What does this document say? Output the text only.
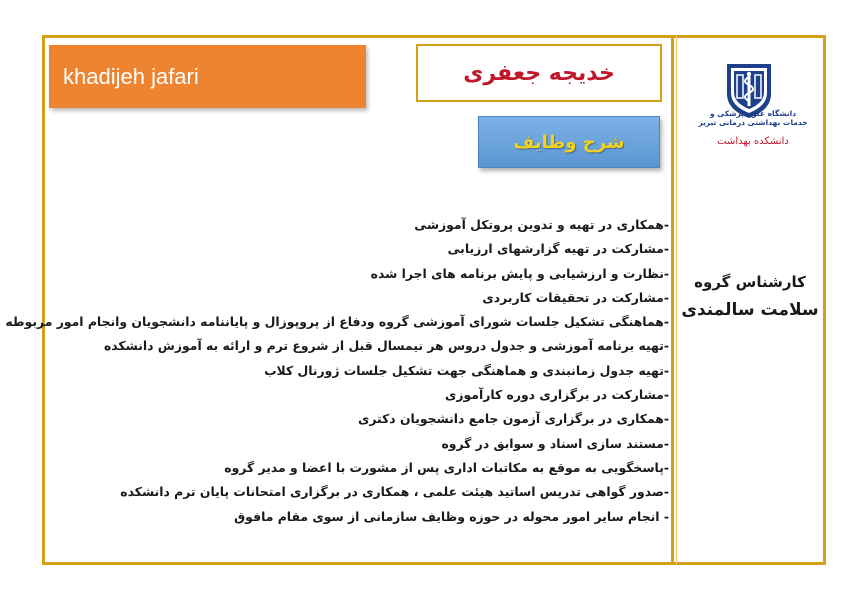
khadijeh jafari	خدیجه جعفری
شرح وظایف
-همکاری در تهیه و تدوین پروتکل آموزشی
-مشارکت در تهیه گزارشهای ارزیابی
-نظارت و ارزشیابی و پایش برنامه های اجرا شده
-مشارکت در تحقیقات کاربردی
-هماهنگی تشکیل جلسات شورای آموزشی گروه ودفاع از پروپوزال و پایاننامه دانشجویان وانجام امور مربوطه
-تهیه برنامه آموزشی و جدول دروس هر نیمسال قبل از شروع ترم و ارائه به آموزش دانشکده
-تهیه جدول زمانبندی و هماهنگی جهت تشکیل جلسات ژورنال کلاب
-مشارکت در برگزاری دوره کارآموزی
-همکاری در برگزاری آزمون جامع دانشجویان دکتری
-مستند سازی اسناد و سوابق در گروه
-پاسخگویی به موقع به مکاتبات اداری پس از مشورت با اعضا و مدیر گروه
-صدور گواهی تدریس اساتید هیئت علمی ، همکاری در برگزاری امتحانات پایان ترم دانشکده
- انجام سایر امور محوله در حوزه وظایف سازمانی از سوی مقام مافوق
دانشگاه علوم پزشکی و
خدمات بهداشتی درمانی تبریز
دانشکده بهداشت
کارشناس گروه
سلامت سالمندی
